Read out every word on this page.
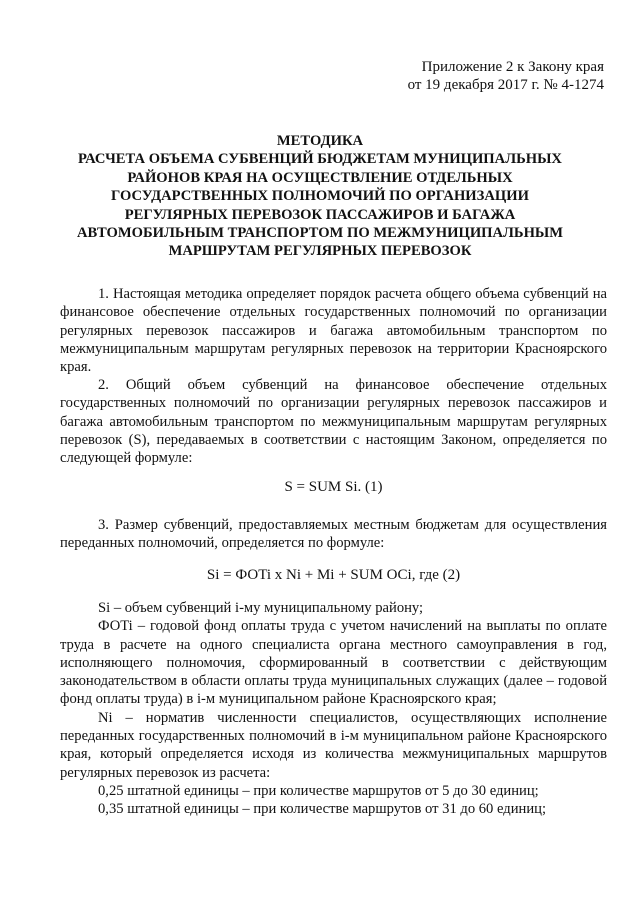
Приложение 2 к Закону края
от 19 декабря 2017 г. № 4-1274
МЕТОДИКА
РАСЧЕТА ОБЪЕМА СУБВЕНЦИЙ БЮДЖЕТАМ МУНИЦИПАЛЬНЫХ
РАЙОНОВ КРАЯ НА ОСУЩЕСТВЛЕНИЕ ОТДЕЛЬНЫХ
ГОСУДАРСТВЕННЫХ ПОЛНОМОЧИЙ ПО ОРГАНИЗАЦИИ
РЕГУЛЯРНЫХ ПЕРЕВОЗОК ПАССАЖИРОВ И БАГАЖА
АВТОМОБИЛЬНЫМ ТРАНСПОРТОМ ПО МЕЖМУНИЦИПАЛЬНЫМ
МАРШРУТАМ РЕГУЛЯРНЫХ ПЕРЕВОЗОК

1. Настоящая методика определяет порядок расчета общего объема субвенций на финансовое обеспечение отдельных государственных полномочий по организации регулярных перевозок пассажиров и багажа автомобильным транспортом по межмуниципальным маршрутам регулярных перевозок на территории Красноярского края.

2. Общий объем субвенций на финансовое обеспечение отдельных государственных полномочий по организации регулярных перевозок пассажиров и багажа автомобильным транспортом по межмуниципальным маршрутам регулярных перевозок (S), передаваемых в соответствии с настоящим Законом, определяется по следующей формуле:

S = SUM Si. (1)

3. Размер субвенций, предоставляемых местным бюджетам для осуществления переданных полномочий, определяется по формуле:

Si = ФОTi x Ni + Mi + SUM OCi, где (2)

Si – объем субвенций i-му муниципальному району;

ФОTi – годовой фонд оплаты труда с учетом начислений на выплаты по оплате труда в расчете на одного специалиста органа местного самоуправления в год, исполняющего полномочия, сформированный в соответствии с действующим законодательством в области оплаты труда муниципальных служащих (далее – годовой фонд оплаты труда) в i-м муниципальном районе Красноярского края;

Ni – норматив численности специалистов, осуществляющих исполнение переданных государственных полномочий в i-м муниципальном районе Красноярского края, который определяется исходя из количества межмуниципальных маршрутов регулярных перевозок из расчета:

0,25 штатной единицы – при количестве маршрутов от 5 до 30 единиц;

0,35 штатной единицы – при количестве маршрутов от 31 до 60 единиц;
